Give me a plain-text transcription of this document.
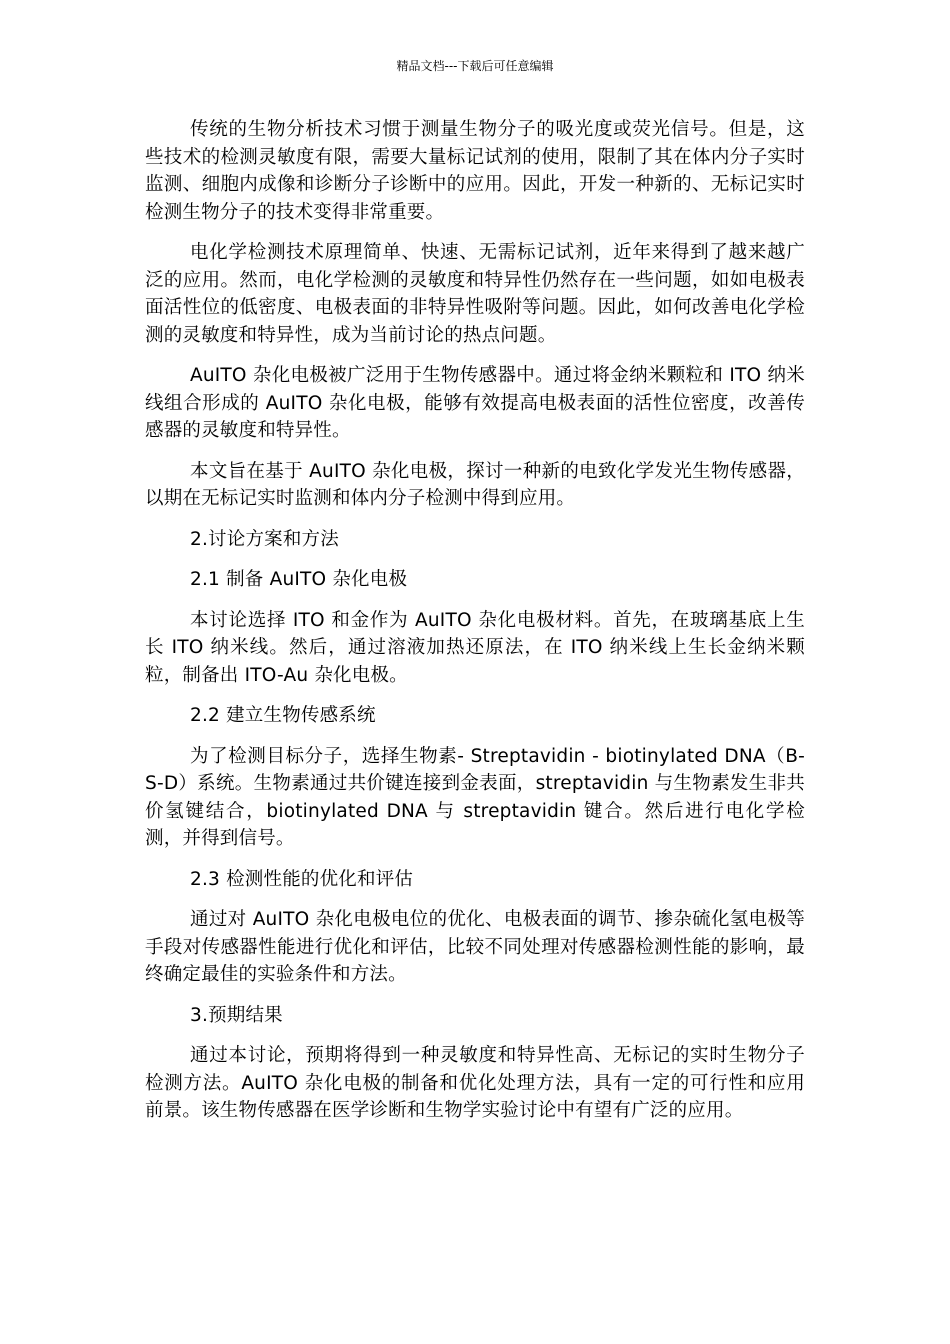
精品文档---下载后可任意编辑

传统的生物分析技术习惯于测量生物分子的吸光度或荧光信号。但是，这些技术的检测灵敏度有限，需要大量标记试剂的使用，限制了其在体内分子实时监测、细胞内成像和诊断分子诊断中的应用。因此，开发一种新的、无标记实时检测生物分子的技术变得非常重要。

电化学检测技术原理简单、快速、无需标记试剂，近年来得到了越来越广泛的应用。然而，电化学检测的灵敏度和特异性仍然存在一些问题，如如电极表面活性位的低密度、电极表面的非特异性吸附等问题。因此，如何改善电化学检测的灵敏度和特异性，成为当前讨论的热点问题。

AuITO 杂化电极被广泛用于生物传感器中。通过将金纳米颗粒和 ITO 纳米线组合形成的 AuITO 杂化电极，能够有效提高电极表面的活性位密度，改善传感器的灵敏度和特异性。

本文旨在基于 AuITO 杂化电极，探讨一种新的电致化学发光生物传感器，以期在无标记实时监测和体内分子检测中得到应用。

2.讨论方案和方法

2.1 制备 AuITO 杂化电极

本讨论选择 ITO 和金作为 AuITO 杂化电极材料。首先，在玻璃基底上生长 ITO 纳米线。然后，通过溶液加热还原法，在 ITO 纳米线上生长金纳米颗粒，制备出 ITO-Au 杂化电极。

2.2 建立生物传感系统

为了检测目标分子，选择生物素- Streptavidin - biotinylated DNA（B-S-D）系统。生物素通过共价键连接到金表面，streptavidin 与生物素发生非共价氢键结合，biotinylated DNA 与 streptavidin 键合。然后进行电化学检测，并得到信号。

2.3 检测性能的优化和评估

通过对 AuITO 杂化电极电位的优化、电极表面的调节、掺杂硫化氢电极等手段对传感器性能进行优化和评估，比较不同处理对传感器检测性能的影响，最终确定最佳的实验条件和方法。

3.预期结果

通过本讨论，预期将得到一种灵敏度和特异性高、无标记的实时生物分子检测方法。AuITO 杂化电极的制备和优化处理方法，具有一定的可行性和应用前景。该生物传感器在医学诊断和生物学实验讨论中有望有广泛的应用。
